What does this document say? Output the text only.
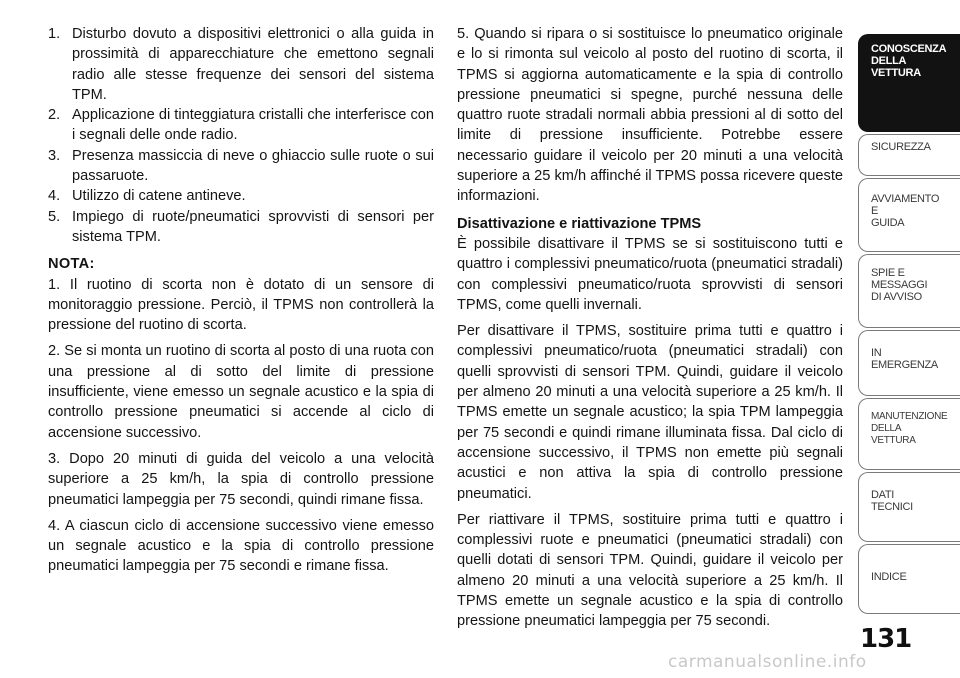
1. Disturbo dovuto a dispositivi elettronici o alla guida in prossimità di apparecchiature che emettono segnali radio alle stesse frequenze dei sensori del sistema TPM.
2. Applicazione di tinteggiatura cristalli che interferisce con i segnali delle onde radio.
3. Presenza massiccia di neve o ghiaccio sulle ruote o sui passaruote.
4. Utilizzo di catene antineve.
5. Impiego di ruote/pneumatici sprovvisti di sensori per sistema TPM.
NOTA:

1. Il ruotino di scorta non è dotato di un sensore di monitoraggio pressione. Perciò, il TPMS non controllerà la pressione del ruotino di scorta.

2. Se si monta un ruotino di scorta al posto di una ruota con una pressione al di sotto del limite di pressione insufficiente, viene emesso un segnale acustico e la spia di controllo pressione pneumatici si accende al ciclo di accensione successivo.

3. Dopo 20 minuti di guida del veicolo a una velocità superiore a 25 km/h, la spia di controllo pressione pneumatici lampeggia per 75 secondi, quindi rimane fissa.

4. A ciascun ciclo di accensione successivo viene emesso un segnale acustico e la spia di controllo pressione pneumatici lampeggia per 75 secondi e rimane fissa.

5. Quando si ripara o si sostituisce lo pneumatico originale e lo si rimonta sul veicolo al posto del ruotino di scorta, il TPMS si aggiorna automaticamente e la spia di controllo pressione pneumatici si spegne, purché nessuna delle quattro ruote stradali normali abbia pressioni al di sotto del limite di pressione insufficiente. Potrebbe essere necessario guidare il veicolo per 20 minuti a una velocità superiore a 25 km/h affinché il TPMS possa ricevere queste informazioni.

Disattivazione e riattivazione TPMS

È possibile disattivare il TPMS se si sostituiscono tutti e quattro i complessivi pneumatico/ruota (pneumatici stradali) con complessivi pneumatico/ruota sprovvisti di sensori TPMS, come quelli invernali.

Per disattivare il TPMS, sostituire prima tutti e quattro i complessivi pneumatico/ruota (pneumatici stradali) con quelli sprovvisti di sensori TPM. Quindi, guidare il veicolo per almeno 20 minuti a una velocità superiore a 25 km/h. Il TPMS emette un segnale acustico; la spia TPM lampeggia per 75 secondi e quindi rimane illuminata fissa. Dal ciclo di accensione successivo, il TPMS non emette più segnali acustici e non attiva la spia di controllo pressione pneumatici.

Per riattivare il TPMS, sostituire prima tutti e quattro i complessivi ruote e pneumatici (pneumatici stradali) con quelli dotati di sensori TPM. Quindi, guidare il veicolo per almeno 20 minuti a una velocità superiore a 25 km/h. Il TPMS emette un segnale acustico e la spia di controllo pressione pneumatici lampeggia per 75 secondi.

CONOSCENZA
DELLA
VETTURA
SICUREZZA
AVVIAMENTO
E
GUIDA
SPIE E
MESSAGGI
DI AVVISO
IN
EMERGENZA
MANUTENZIONE
DELLA
VETTURA
DATI
TECNICI
INDICE
131
carmanualsonline.info
